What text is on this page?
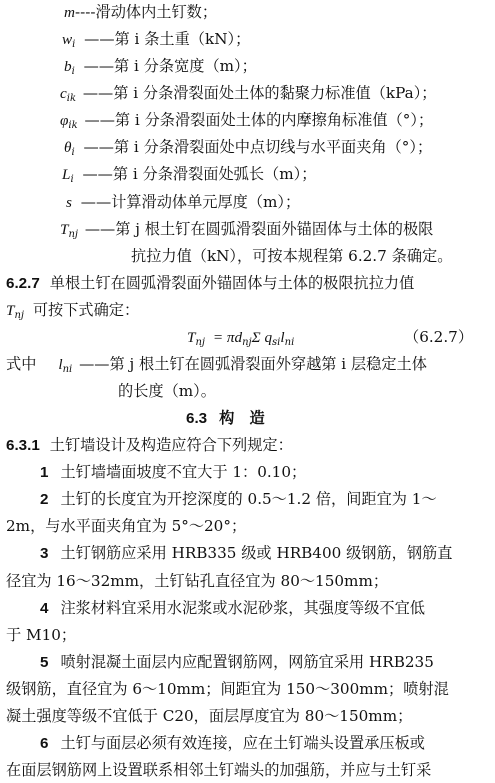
m----滑动体内土钉数；
$w_i$ ——第 i 条土重（kN）；
$b_i$ ——第 i 分条宽度（m）；
$c_{ik}$ ——第 i 分条滑裂面处土体的黏聚力标准值（kPa）；
$\varphi_{ik}$ ——第 i 分条滑裂面处土体的内摩擦角标准值（°）；
$\theta_i$ ——第 i 分条滑裂面处中点切线与水平面夹角（°）；
$L_i$ ——第 i 分条滑裂面处弧长（m）；
s ——计算滑动体单元厚度（m）；
$T_{nj}$ ——第 j 根土钉在圆弧滑裂面外锚固体与土体的极限
抗拉力值（kN），可按本规程第 6.2.7 条确定。
6.2.7 单根土钉在圆弧滑裂面外锚固体与土体的极限抗拉力值
$T_{nj}$ 可按下式确定：
$T_{nj} = \pi d_{nj}\Sigma$ $q_{si}l_{ni}$	（6.2.7）
式中 $l_{ni}$ ——第 j 根土钉在圆弧滑裂面外穿越第 i 层稳定土体
的长度（m）。
6.3 构　造
6.3.1 土钉墙设计及构造应符合下列规定：
1 土钉墙墙面坡度不宜大于 1：0.10；
2 土钉的长度宜为开挖深度的 0.5～1.2 倍，间距宜为 1～
2m，与水平面夹角宜为 5°～20°；
3 土钉钢筋应采用 HRB335 级或 HRB400 级钢筋，钢筋直
径宜为 16～32mm，土钉钻孔直径宜为 80～150mm；
4 注浆材料宜采用水泥浆或水泥砂浆，其强度等级不宜低
于 M10；
5 喷射混凝土面层内应配置钢筋网，网筋宜采用 HRB235
级钢筋，直径宜为 6～10mm；间距宜为 150～300mm；喷射混
凝土强度等级不宜低于 C20，面层厚度宜为 80～150mm；
6 土钉与面层必须有效连接，应在土钉端头设置承压板或
在面层钢筋网上设置联系相邻土钉端头的加强筋，并应与土钉采
